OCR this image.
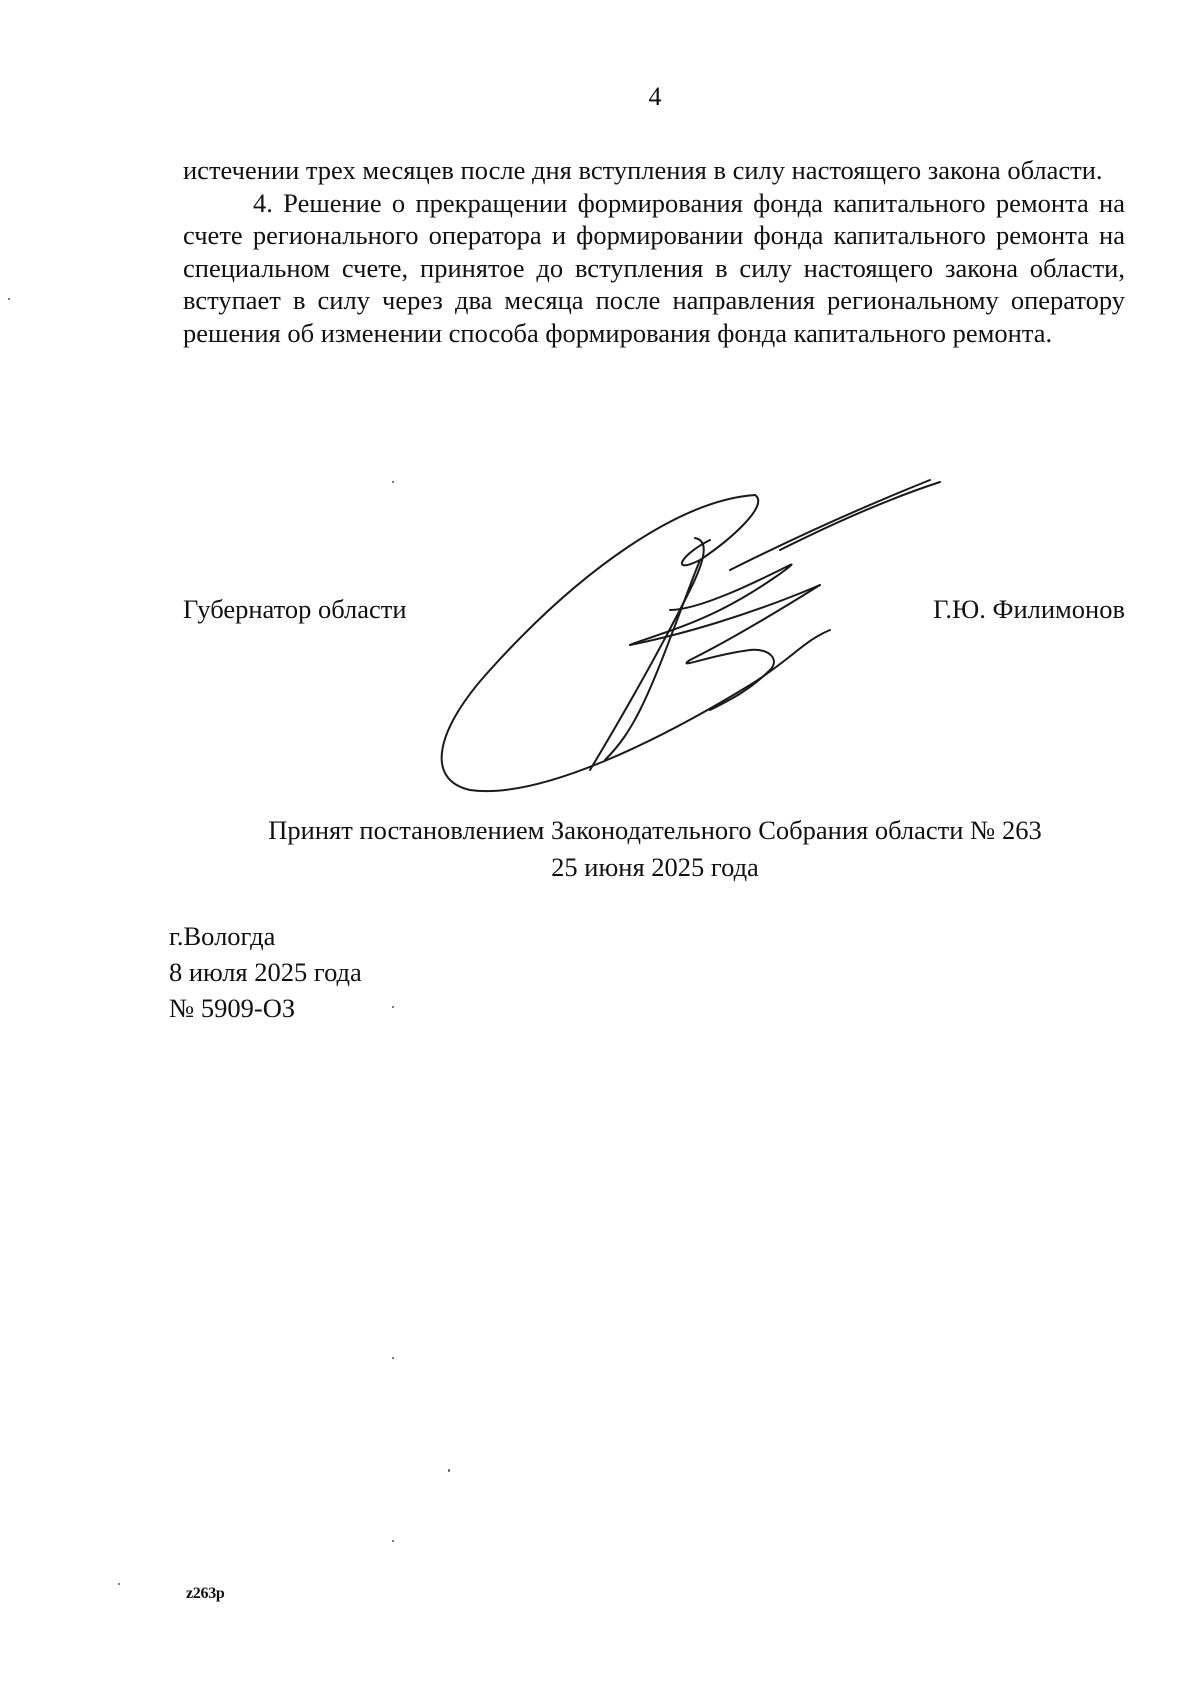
4

истечении трех месяцев после дня вступления в силу настоящего закона области.

4. Решение о прекращении формирования фонда капитального ремонта на счете регионального оператора и формировании фонда капитального ремонта на специальном счете, принятое до вступления в силу настоящего закона области, вступает в силу через два месяца после направления региональному оператору решения об изменении способа формирования фонда капитального ремонта.

Губернатор области	Г.Ю. Филимонов
Принят постановлением Законодательного Собрания области № 263
25 июня 2025 года
г.Вологда
8 июля 2025 года
№ 5909-ОЗ
z263p
